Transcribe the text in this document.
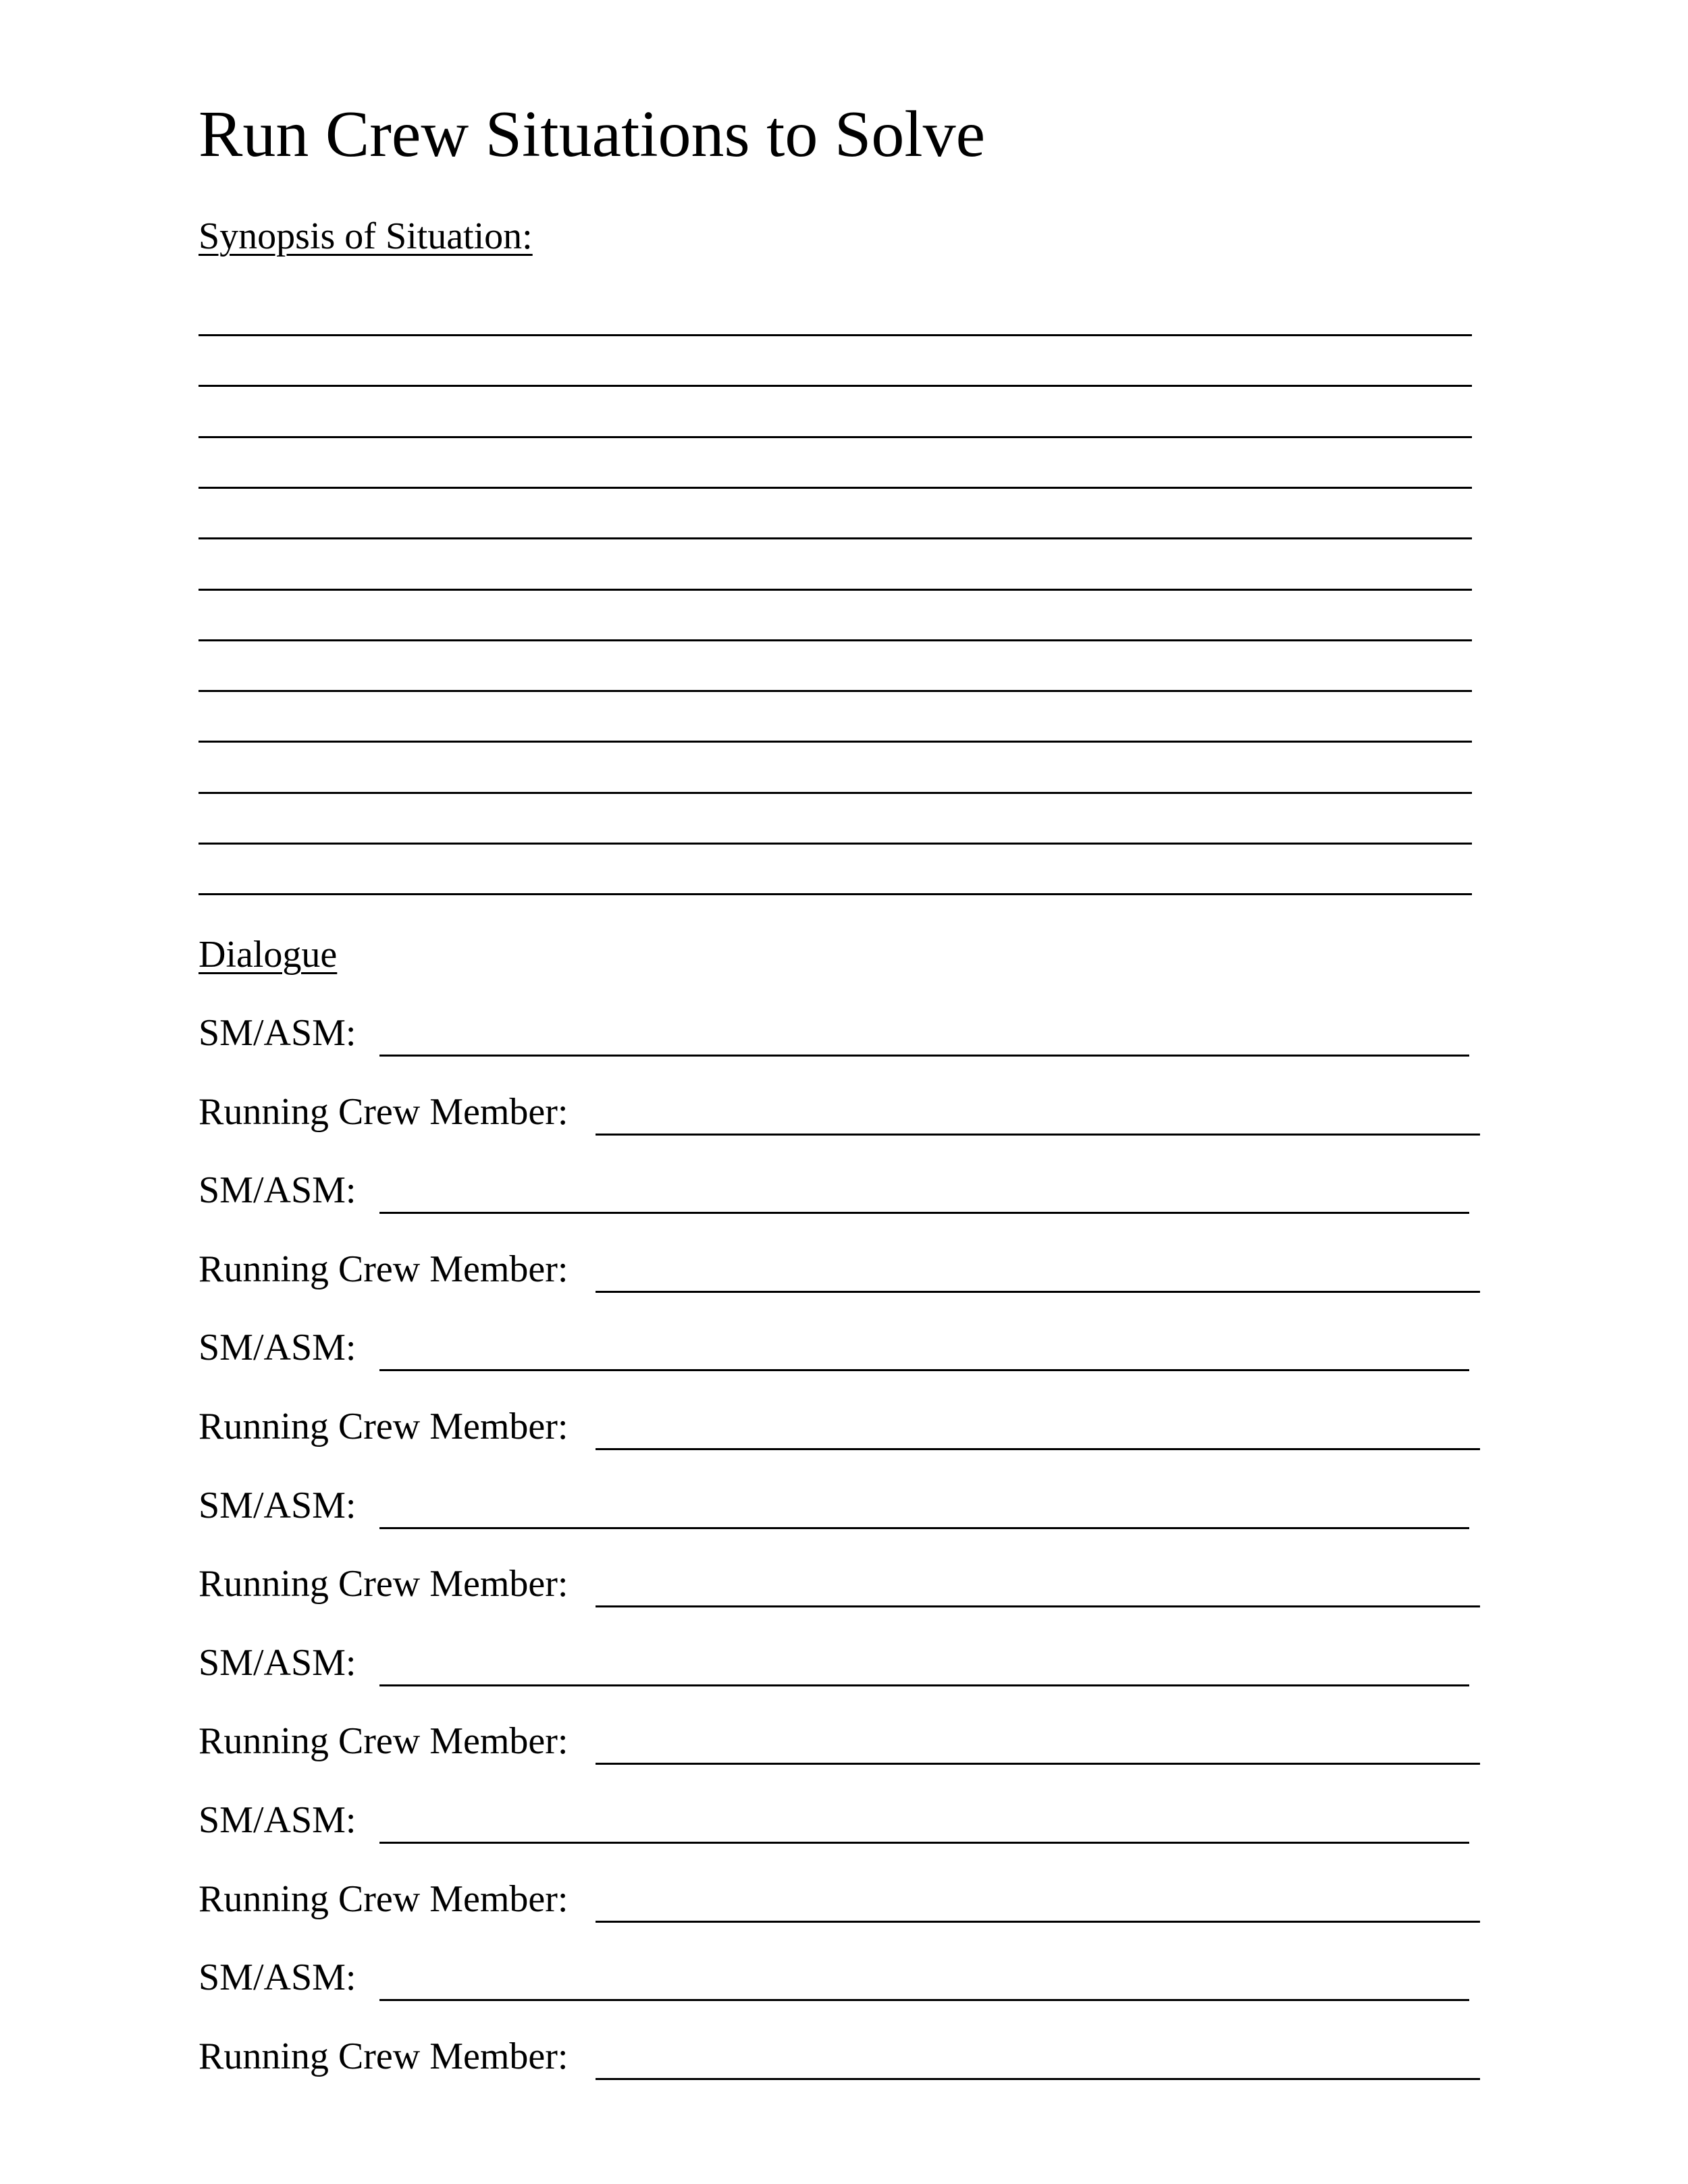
Run Crew Situations to Solve
Synopsis of Situation:
Dialogue
SM/ASM:
Running Crew Member:
SM/ASM:
Running Crew Member:
SM/ASM:
Running Crew Member:
SM/ASM:
Running Crew Member:
SM/ASM:
Running Crew Member:
SM/ASM:
Running Crew Member:
SM/ASM:
Running Crew Member:
